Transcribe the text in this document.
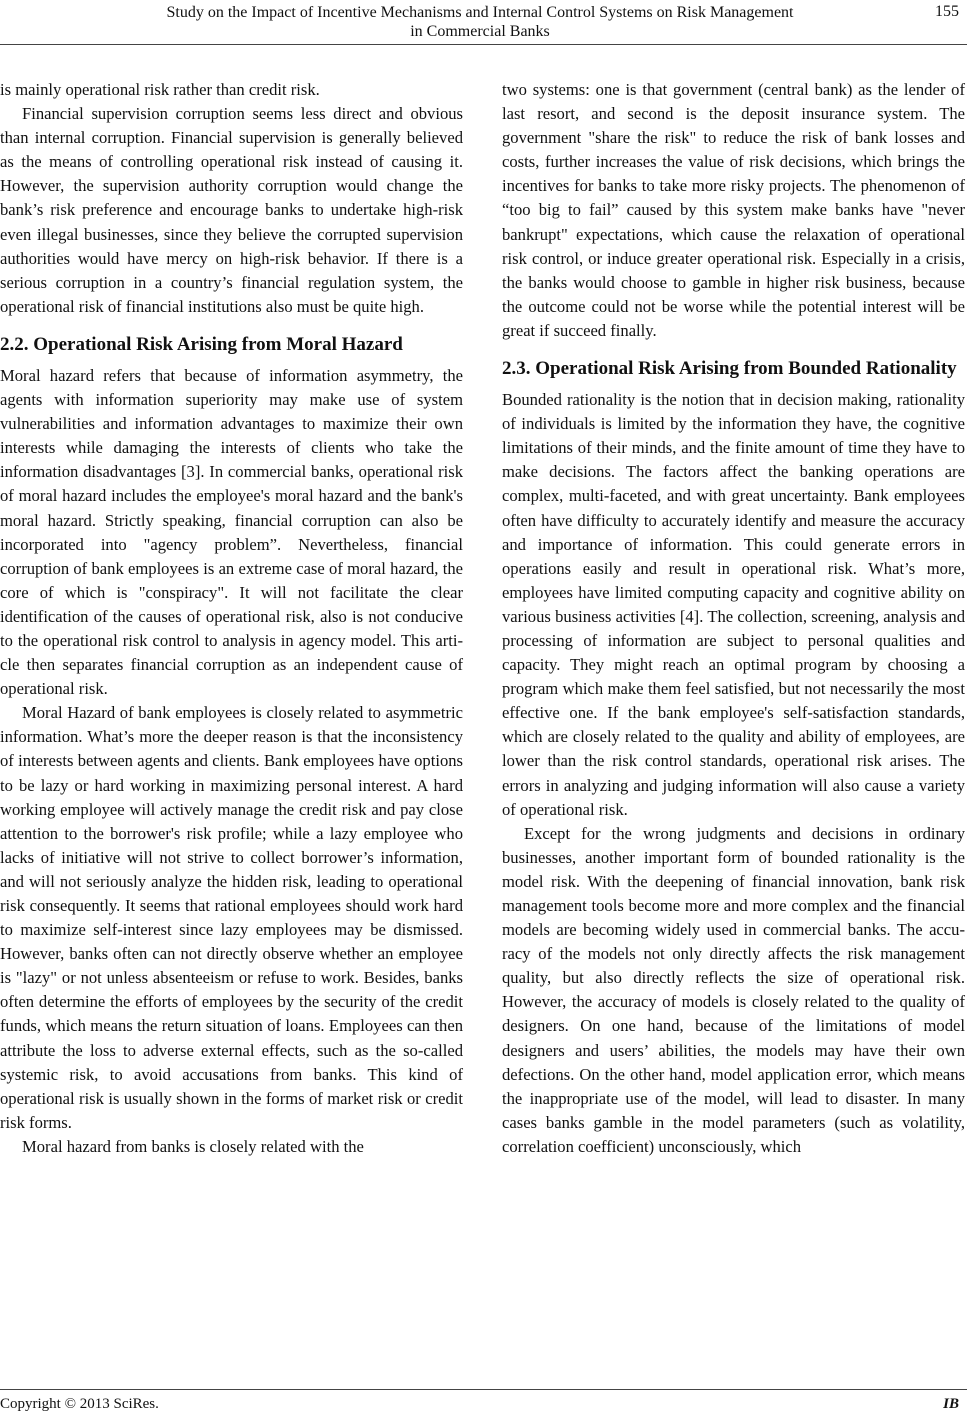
Study on the Impact of Incentive Mechanisms and Internal Control Systems on Risk Management
in Commercial Banks
155

is mainly operational risk rather than credit risk.

Financial supervision corruption seems less direct and obvious than internal corruption. Financial supervision is generally believed as the means of controlling operational risk instead of causing it. However, the supervision authority corruption would change the bank’s risk preference and encourage banks to undertake high-risk even illegal businesses, since they believe the corrupted supervision authorities would have mercy on high-risk behavior. If there is a serious corruption in a country’s financial regulation system, the operational risk of financial institutions also must be quite high.

2.2. Operational Risk Arising from Moral Hazard

Moral hazard refers that because of information asymmetry, the agents with information superiority may make use of system vulnerabilities and information advantages to maximize their own interests while damaging the interests of clients who take the information disadvantages [3]. In commercial banks, operational risk of moral hazard includes the employee's moral hazard and the bank's moral hazard. Strictly speaking, financial corruption can also be incorporated into "agency problem”. Nevertheless, financial corruption of bank employees is an extreme case of moral hazard, the core of which is "conspiracy". It will not facilitate the clear identification of the causes of operational risk, also is not conducive to the operational risk control to analysis in agency model. This article then separates financial corruption as an independent cause of operational risk.

Moral Hazard of bank employees is closely related to asymmetric information. What’s more the deeper reason is that the inconsistency of interests between agents and clients. Bank employees have options to be lazy or hard working in maximizing personal interest. A hard working employee will actively manage the credit risk and pay close attention to the borrower's risk profile; while a lazy employee who lacks of initiative will not strive to collect borrower’s information, and will not seriously analyze the hidden risk, leading to operational risk consequently. It seems that rational employees should work hard to maximize self-interest since lazy employees may be dismissed. However, banks often can not directly observe whether an employee is "lazy" or not unless absenteeism or refuse to work. Besides, banks often determine the efforts of employees by the security of the credit funds, which means the return situation of loans. Employees can then attribute the loss to adverse external effects, such as the so-called systemic risk, to avoid accusations from banks. This kind of operational risk is usually shown in the forms of market risk or credit risk forms.

Moral hazard from banks is closely related with the

two systems: one is that government (central bank) as the lender of last resort, and second is the deposit insurance system. The government "share the risk" to reduce the risk of bank losses and costs, further increases the value of risk decisions, which brings the incentives for banks to take more risky projects. The phenomenon of “too big to fail” caused by this system make banks have "never bankrupt" expectations, which cause the relaxation of operational risk control, or induce greater operational risk. Especially in a crisis, the banks would choose to gamble in higher risk business, because the outcome could not be worse while the potential interest will be great if succeed finally.

2.3. Operational Risk Arising from Bounded Rationality

Bounded rationality is the notion that in decision making, rationality of individuals is limited by the information they have, the cognitive limitations of their minds, and the finite amount of time they have to make decisions. The factors affect the banking operations are complex, multi-faceted, and with great uncertainty. Bank employees often have difficulty to accurately identify and measure the accuracy and importance of information. This could generate errors in operations easily and result in operational risk. What’s more, employees have limited computing capacity and cognitive ability on various business activities [4]. The collection, screening, analysis and processing of information are subject to personal qualities and capacity. They might reach an optimal program by choosing a program which make them feel satisfied, but not necessarily the most effective one. If the bank employee's self-satisfaction standards, which are closely related to the quality and ability of employees, are lower than the risk control standards, operational risk arises. The errors in analyzing and judging information will also cause a variety of operational risk.

Except for the wrong judgments and decisions in ordinary businesses, another important form of bounded rationality is the model risk. With the deepening of financial innovation, bank risk management tools become more and more complex and the financial models are becoming widely used in commercial banks. The accuracy of the models not only directly affects the risk management quality, but also directly reflects the size of operational risk. However, the accuracy of models is closely related to the quality of designers. On one hand, because of the limitations of model designers and users’ abilities, the models may have their own defections. On the other hand, model application error, which means the inappropriate use of the model, will lead to disaster. In many cases banks gamble in the model parameters (such as volatility, correlation coefficient) unconsciously, which

Copyright © 2013 SciRes.	IB
